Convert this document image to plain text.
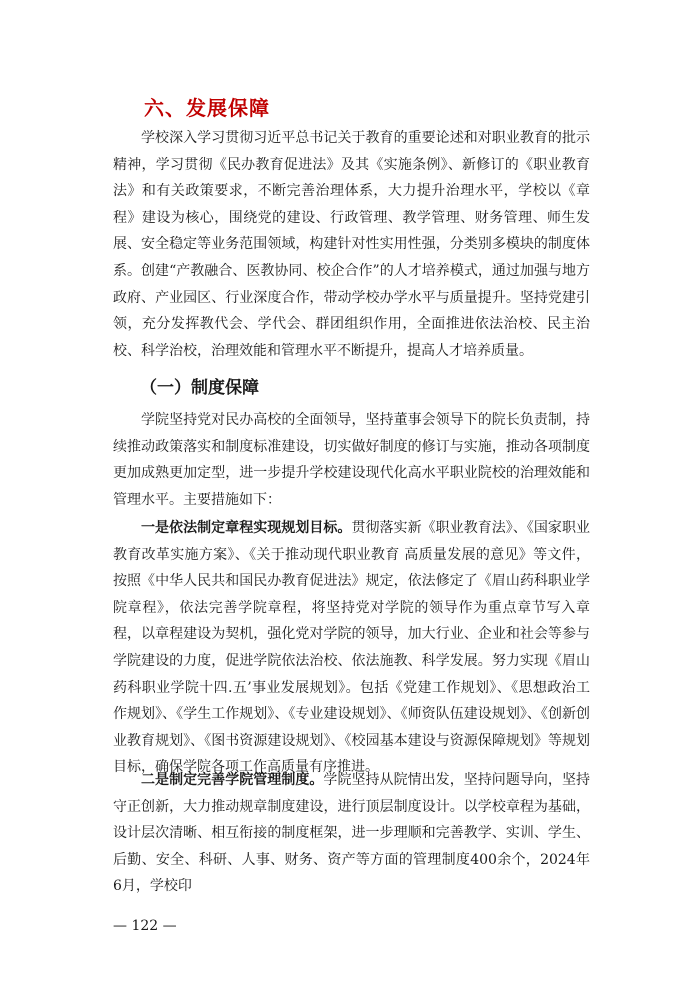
六、发展保障

学校深入学习贯彻习近平总书记关于教育的重要论述和对职业教育的批示精神，学习贯彻《民办教育促进法》及其《实施条例》、新修订的《职业教育法》和有关政策要求，不断完善治理体系，大力提升治理水平，学校以《章程》建设为核心，围绕党的建设、行政管理、教学管理、财务管理、师生发展、安全稳定等业务范围领域，构建针对性实用性强，分类别多模块的制度体系。创建“产教融合、医教协同、校企合作”的人才培养模式，通过加强与地方政府、产业园区、行业深度合作，带动学校办学水平与质量提升。坚持党建引领，充分发挥教代会、学代会、群团组织作用，全面推进依法治校、民主治校、科学治校，治理效能和管理水平不断提升，提高人才培养质量。

（一）制度保障

学院坚持党对民办高校的全面领导，坚持董事会领导下的院长负责制，持续推动政策落实和制度标准建设，切实做好制度的修订与实施，推动各项制度更加成熟更加定型，进一步提升学校建设现代化高水平职业院校的治理效能和管理水平。主要措施如下：

一是依法制定章程实现规划目标。贯彻落实新《职业教育法》、《国家职业教育改革实施方案》、《关于推动现代职业教育 高质量发展的意见》等文件，按照《中华人民共和国民办教育促进法》规定，依法修定了《眉山药科职业学院章程》，依法完善学院章程，将坚持党对学院的领导作为重点章节写入章程，以章程建设为契机，强化党对学院的领导，加大行业、企业和社会等参与学院建设的力度，促进学院依法治校、依法施教、科学发展。努力实现《眉山药科职业学院十四.五’事业发展规划》。包括《党建工作规划》、《思想政治工作规划》、《学生工作规划》、《专业建设规划》、《师资队伍建设规划》、《创新创业教育规划》、《图书资源建设规划》、《校园基本建设与资源保障规划》等规划目标，确保学院各项工作高质量有序推进。

二是制定完善学院管理制度。学院坚持从院情出发，坚持问题导向，坚持守正创新，大力推动规章制度建设，进行顶层制度设计。以学校章程为基础，设计层次清晰、相互衔接的制度框架，进一步理顺和完善教学、实训、学生、后勤、安全、科研、人事、财务、资产等方面的管理制度400余个，2024年6月，学校印

— 122 —
